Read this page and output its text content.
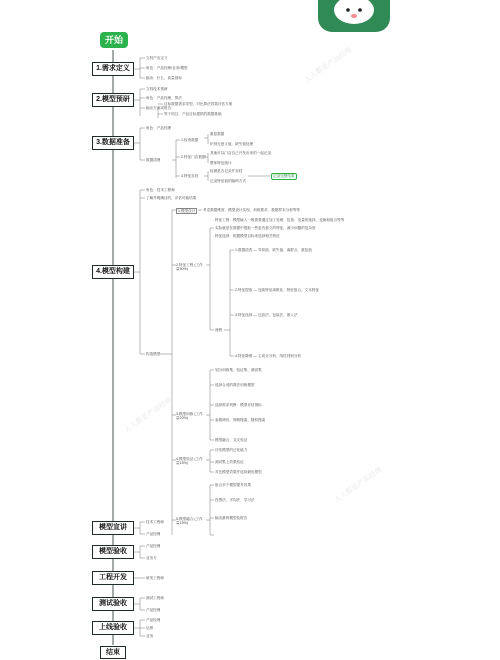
人人都是产品经理
人人都是产品经理
人人都是产品经理
开始
1.需求定义
2.模型预研
3.数据准备
4.模型构建
模型宣讲
模型验收
工程开发
测试验收
上线验收
结束
文档产出定义
角色：产品经理/业务/模型
输出：什么、质量指标
文档技术预研
角色：产品经理、算法
输出方案或报告：
目标数据需求类型、对比算法效果评估方案
等于项目、产品目标提供的数据基础
角色：产品经理
数据清理
1.检查数据
重复数据
识别无意义值，缺失值处理
2.特征门店数据
其他可以门店自己开发出来的一起记录
整体特征统计
3.特征存档
检测是否记录并存档
记录特征值的编码方式
记录完整结果
角色：技术工程师
了解并明确目的，评估可能结果
构造模型
1.模型设计	考虑数据维度、模型设计实现、训练要求、数据样本分析等等
2.特征工程 (工作量50%)
特征工程：模型输入一般需要通过加工处理，包括：变量的选择、变换和组合等等
实际就是在数据中提取一些更有意义的特征，减少问题的复杂度
特征选择：根据模型目标来选择相关特征
流程
1.数据清洗 — 异常值、缺失值、离群点、重复值
2.特征提取 — 连续特征离散化、特征组合、文本特征
3.特征选择 — 过滤法、包装法、嵌入法
4.特征降维 — 主成分分析、线性判别分析
3.模型训练 (工作量20%)
划分训练集、验证集、测试集
选择合适的算法训练模型
选择需求判断：模型评估指标
参数调优：网格搜索、随机搜索
模型融合、交叉验证
4.模型验证 (工作量15%)
评估模型的泛化能力
测试集上效果验证
对比模型效果并选择最优模型
5.模型融合 (工作量15%)
组合多个模型提升效果
投票法、平均法、学习法
输出最终模型及报告
技术工程师
产品经理
产品经理
业务方
研发工程师
测试工程师
产品经理
产品经理
运维
业务
